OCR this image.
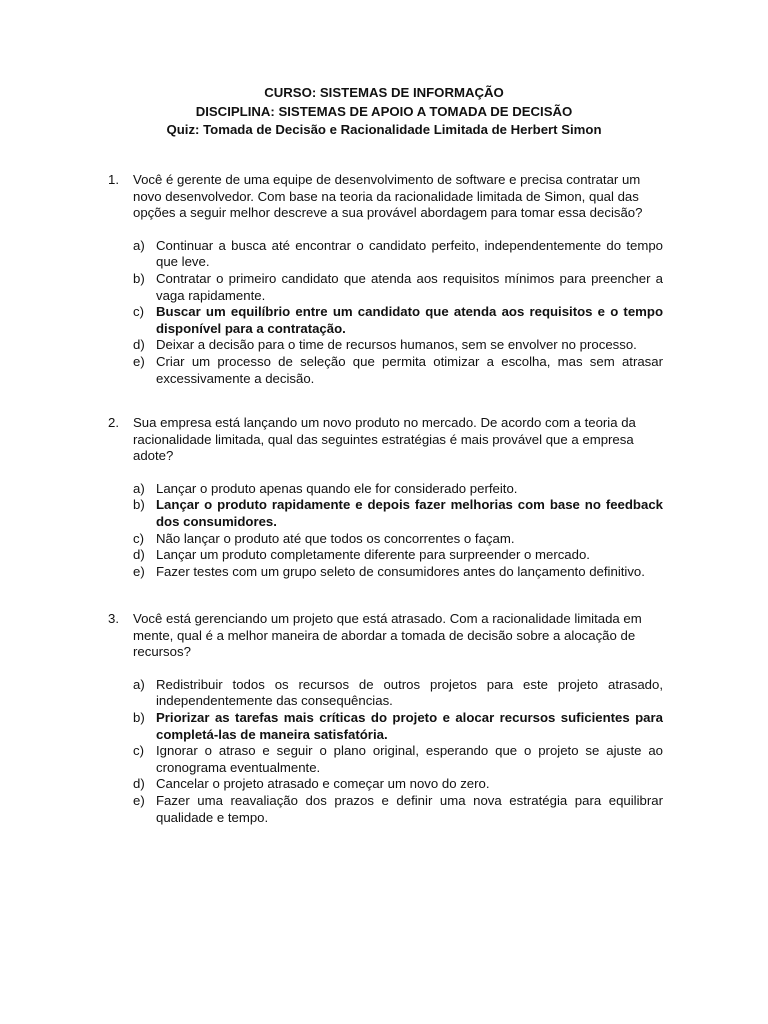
CURSO: SISTEMAS DE INFORMAÇÃO
DISCIPLINA: SISTEMAS DE APOIO A TOMADA DE DECISÃO
Quiz: Tomada de Decisão e Racionalidade Limitada de Herbert Simon
1.	Você é gerente de uma equipe de desenvolvimento de software e precisa contratar um novo desenvolvedor. Com base na teoria da racionalidade limitada de Simon, qual das opções a seguir melhor descreve a sua provável abordagem para tomar essa decisão?
a) Continuar a busca até encontrar o candidato perfeito, independentemente do tempo que leve.
b) Contratar o primeiro candidato que atenda aos requisitos mínimos para preencher a vaga rapidamente.
c) Buscar um equilíbrio entre um candidato que atenda aos requisitos e o tempo disponível para a contratação.
d) Deixar a decisão para o time de recursos humanos, sem se envolver no processo.
e) Criar um processo de seleção que permita otimizar a escolha, mas sem atrasar excessivamente a decisão.
2.	Sua empresa está lançando um novo produto no mercado. De acordo com a teoria da racionalidade limitada, qual das seguintes estratégias é mais provável que a empresa adote?
a) Lançar o produto apenas quando ele for considerado perfeito.
b) Lançar o produto rapidamente e depois fazer melhorias com base no feedback dos consumidores.
c) Não lançar o produto até que todos os concorrentes o façam.
d) Lançar um produto completamente diferente para surpreender o mercado.
e) Fazer testes com um grupo seleto de consumidores antes do lançamento definitivo.
3.	Você está gerenciando um projeto que está atrasado. Com a racionalidade limitada em mente, qual é a melhor maneira de abordar a tomada de decisão sobre a alocação de recursos?
a) Redistribuir todos os recursos de outros projetos para este projeto atrasado, independentemente das consequências.
b) Priorizar as tarefas mais críticas do projeto e alocar recursos suficientes para completá-las de maneira satisfatória.
c) Ignorar o atraso e seguir o plano original, esperando que o projeto se ajuste ao cronograma eventualmente.
d) Cancelar o projeto atrasado e começar um novo do zero.
e) Fazer uma reavaliação dos prazos e definir uma nova estratégia para equilibrar qualidade e tempo.
